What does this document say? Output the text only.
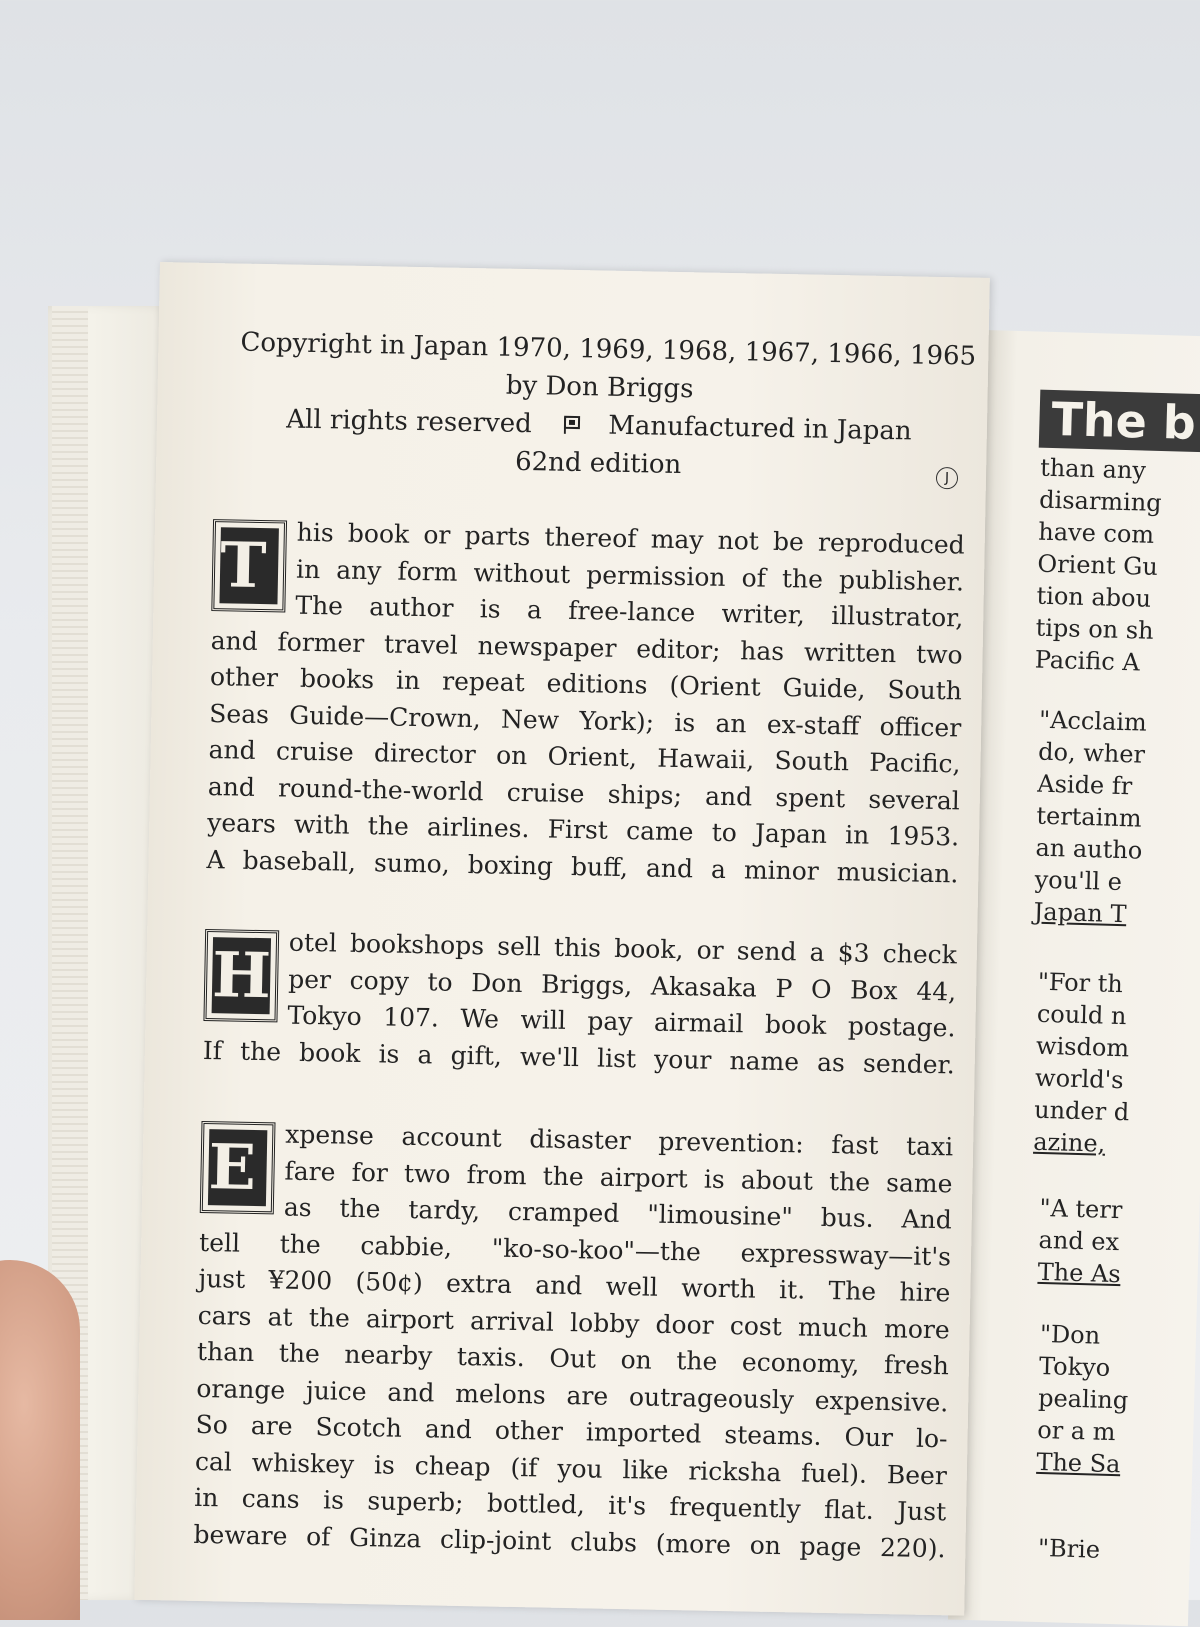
The b
than any
disarming
have com
Orient Gu
tion abou
tips on sh
Pacific A
"Acclaim
do, wher
Aside fr
tertainm
an autho
you'll e
Japan T
"For th
could n
wisdom
world's
under d
azine,
"A terr
and ex
The As
"Don
Tokyo
pealing
or a m
The Sa
"Brie
Copyright in Japan 1970, 1969, 1968, 1967, 1966, 1965
by Don Briggs
All rights reserved	Manufactured in Japan
62nd edition	J
T	his book or parts thereof may not be reproduced
in any form without permission of the publisher.
The author is a free-lance writer, illustrator,
and former travel newspaper editor; has written two
other books in repeat editions (Orient Guide, South
Seas Guide—Crown, New York); is an ex-staff officer
and cruise director on Orient, Hawaii, South Pacific,
and round-the-world cruise ships; and spent several
years with the airlines. First came to Japan in 1953.
A baseball, sumo, boxing buff, and a minor musician.
H otel bookshops sell this book, or send a $3 check
per copy to Don Briggs, Akasaka P O Box 44,
Tokyo 107. We will pay airmail book postage.
If the book is a gift, we'll list your name as sender.
E	xpense account disaster prevention: fast taxi
fare for two from the airport is about the same
as the tardy, cramped "limousine" bus. And
tell the cabbie, "ko-so-koo"—the expressway—it's
just ¥200 (50¢) extra and well worth it. The hire
cars at the airport arrival lobby door cost much more
than the nearby taxis. Out on the economy, fresh
orange juice and melons are outrageously expensive.
So are Scotch and other imported steams. Our lo-
cal whiskey is cheap (if you like ricksha fuel). Beer
in cans is superb; bottled, it's frequently flat. Just
beware of Ginza clip-joint clubs (more on page 220).
